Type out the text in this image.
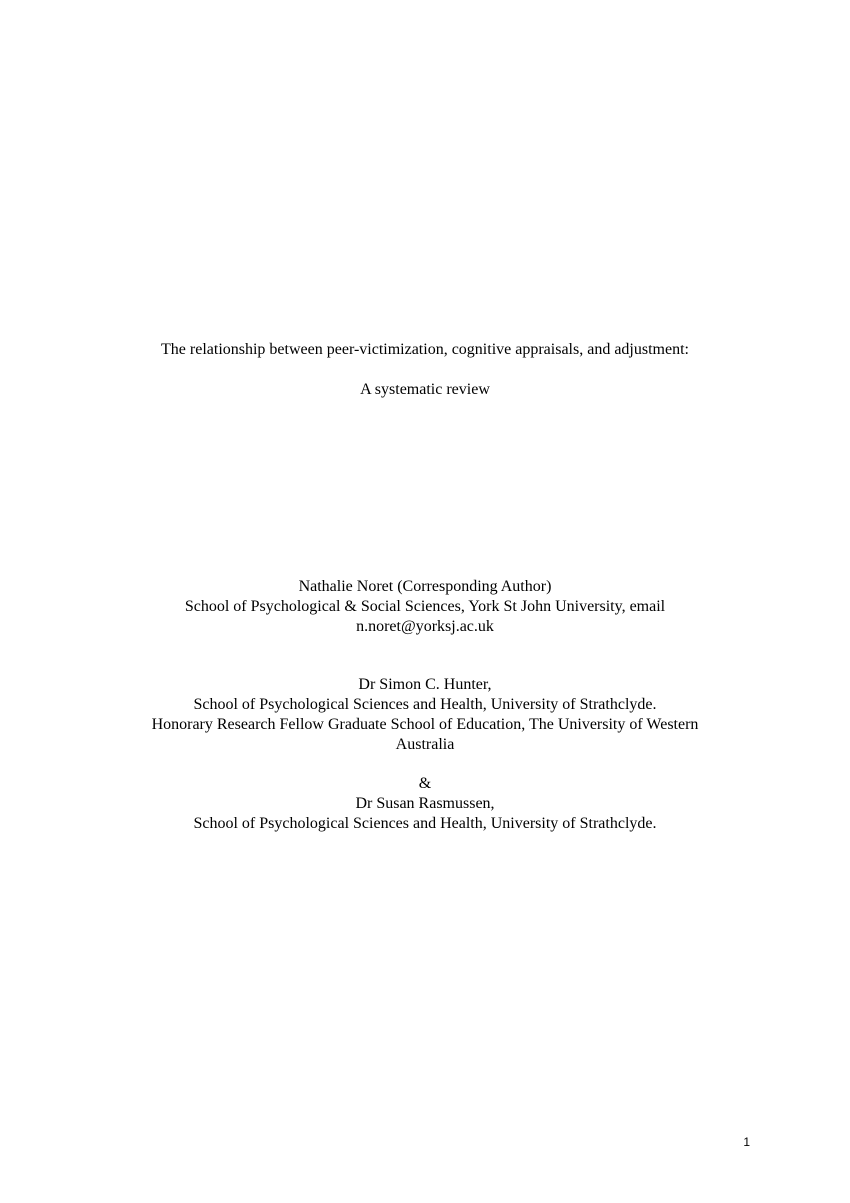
The relationship between peer-victimization, cognitive appraisals, and adjustment:
A systematic review
Nathalie Noret (Corresponding Author)
School of Psychological & Social Sciences, York St John University, email
n.noret@yorksj.ac.uk
Dr Simon C. Hunter,
School of Psychological Sciences and Health, University of Strathclyde.
Honorary Research Fellow Graduate School of Education, The University of Western
Australia
&
Dr Susan Rasmussen,
School of Psychological Sciences and Health, University of Strathclyde.
1
